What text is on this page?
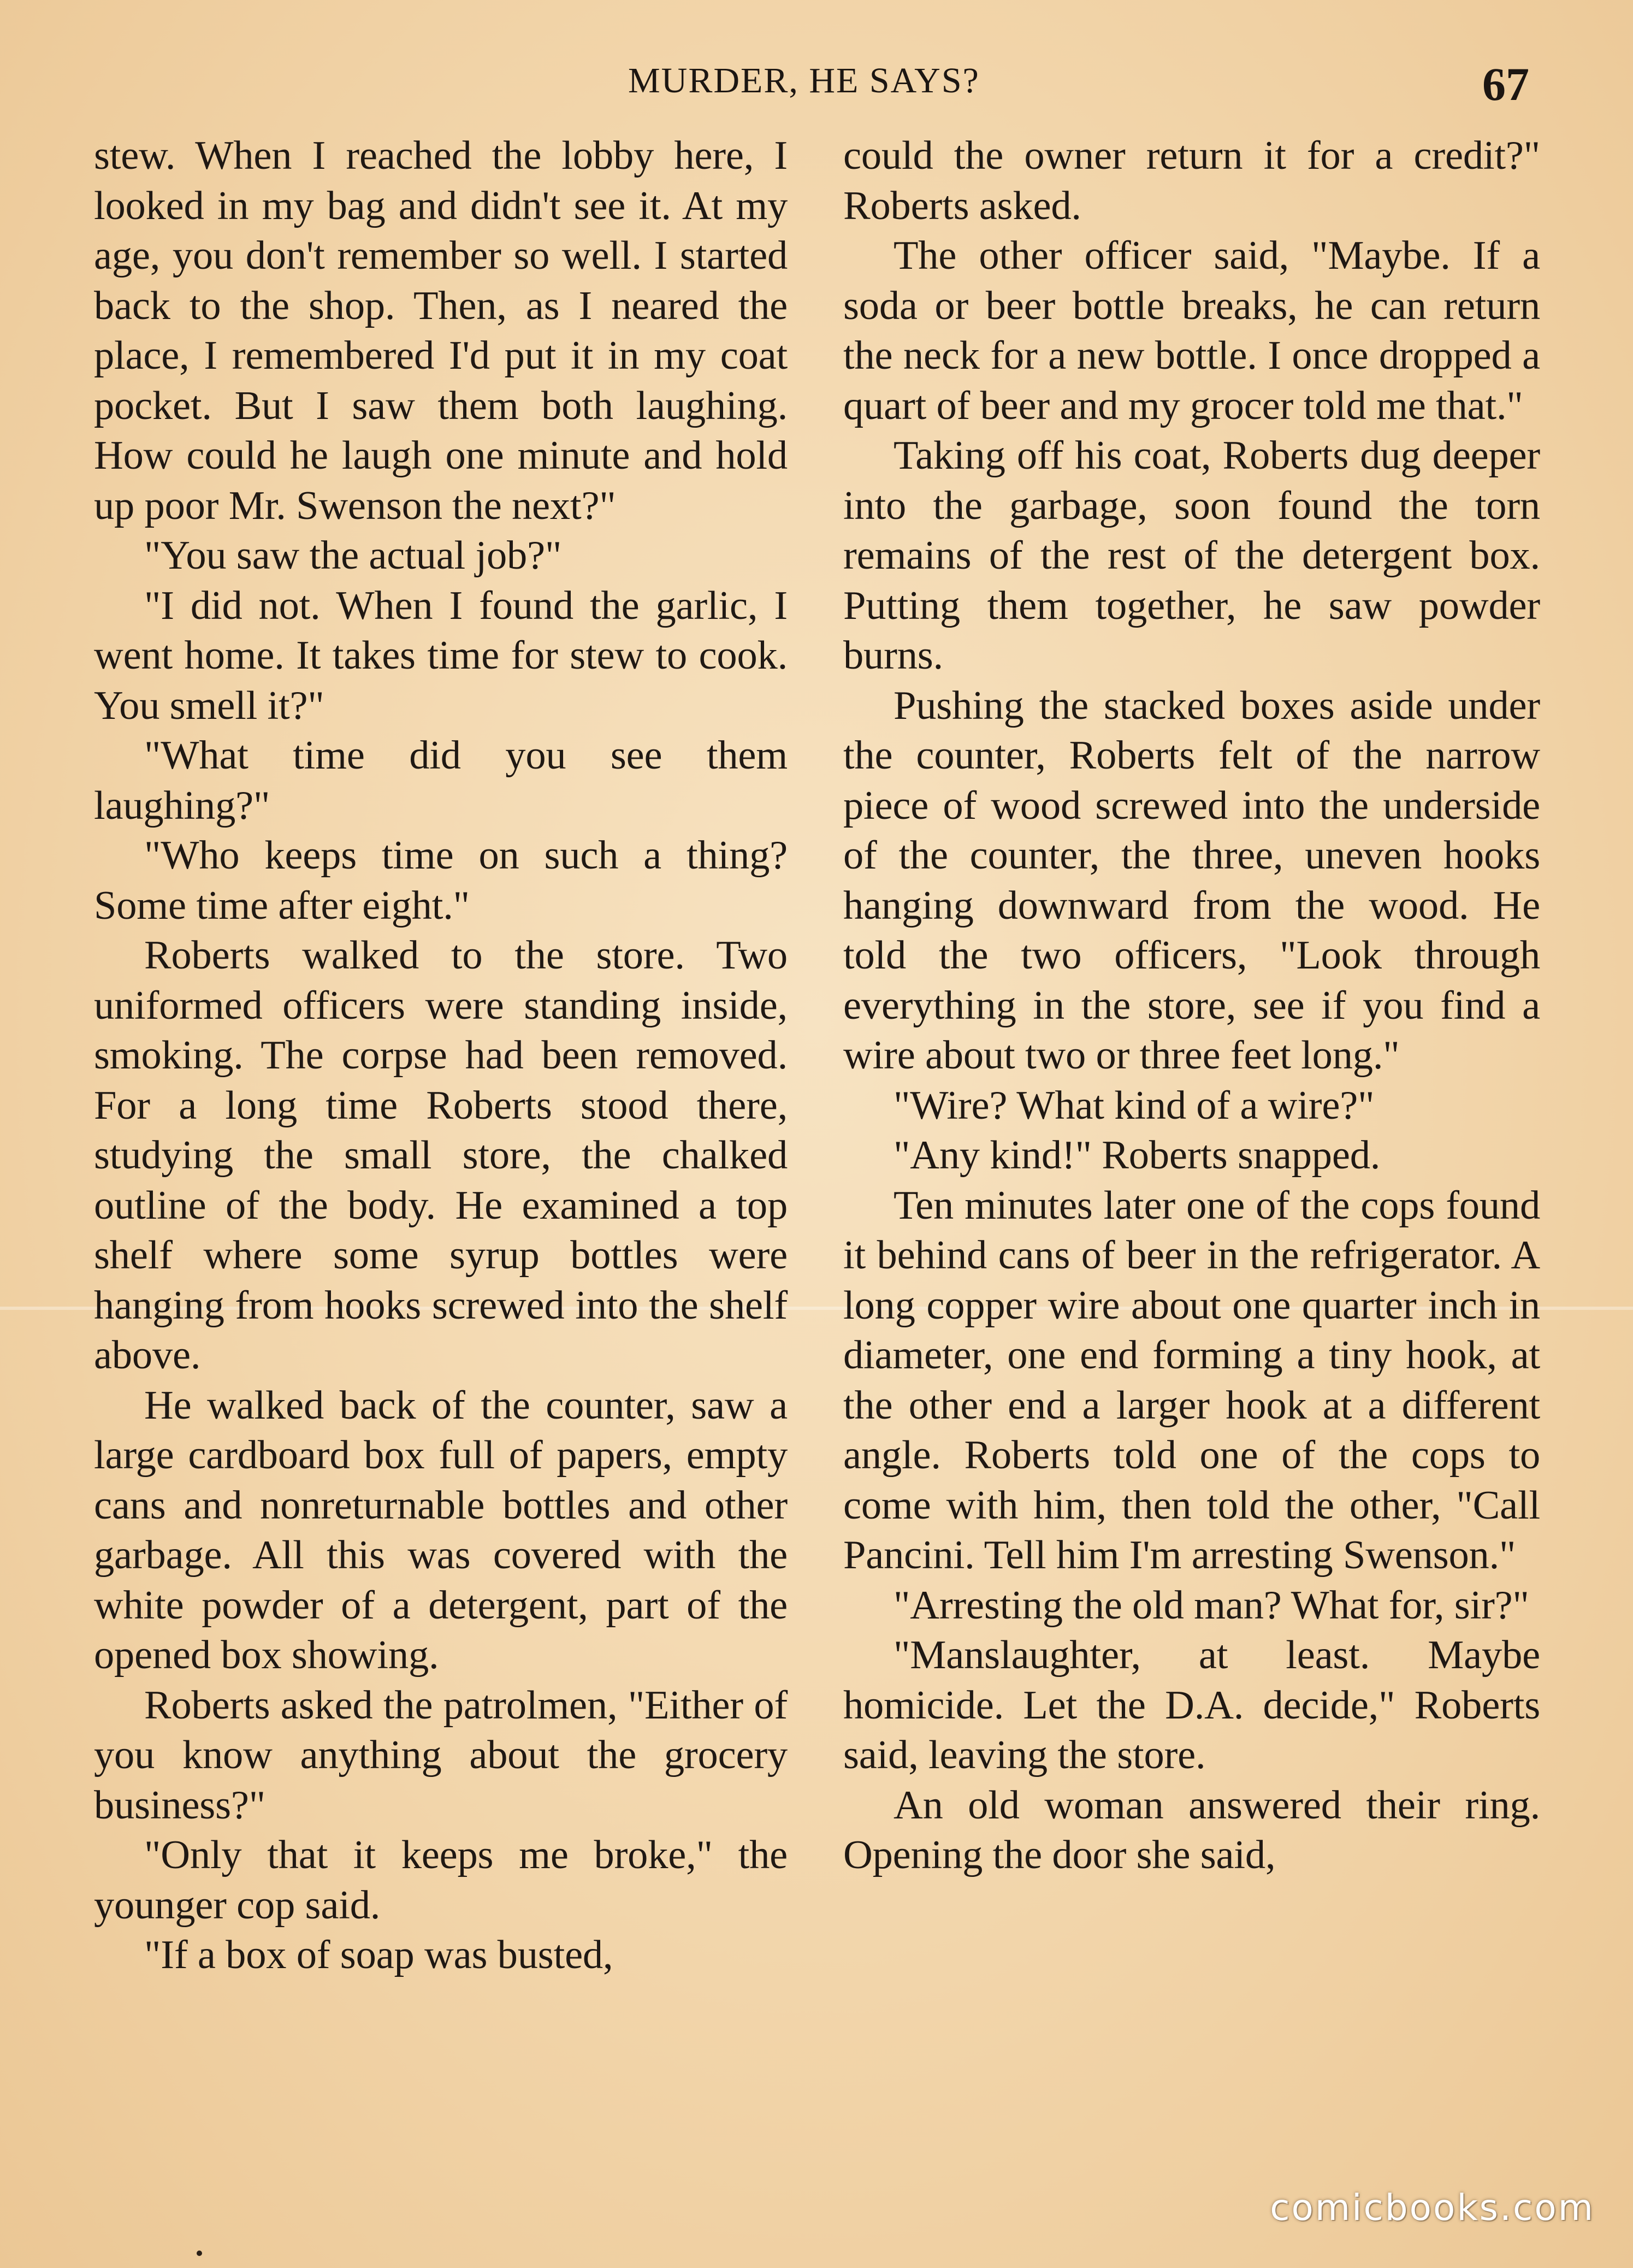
MURDER, HE SAYS?	67

stew. When I reached the lobby here, I looked in my bag and didn't see it. At my age, you don't remember so well. I started back to the shop. Then, as I neared the place, I remembered I'd put it in my coat pocket. But I saw them both laughing. How could he laugh one minute and hold up poor Mr. Swenson the next?"

"You saw the actual job?"

"I did not. When I found the garlic, I went home. It takes time for stew to cook. You smell it?"

"What time did you see them laughing?"

"Who keeps time on such a thing? Some time after eight."

Roberts walked to the store. Two uniformed officers were standing inside, smoking. The corpse had been removed. For a long time Roberts stood there, studying the small store, the chalked outline of the body. He examined a top shelf where some syrup bottles were hanging from hooks screwed into the shelf above.

He walked back of the counter, saw a large cardboard box full of papers, empty cans and nonreturnable bottles and other garbage. All this was covered with the white powder of a detergent, part of the opened box showing.

Roberts asked the patrolmen, "Either of you know anything about the grocery business?"

"Only that it keeps me broke," the younger cop said.

"If a box of soap was busted,

could the owner return it for a credit?" Roberts asked.

The other officer said, "Maybe. If a soda or beer bottle breaks, he can return the neck for a new bottle. I once dropped a quart of beer and my grocer told me that."

Taking off his coat, Roberts dug deeper into the garbage, soon found the torn remains of the rest of the detergent box. Putting them together, he saw powder burns.

Pushing the stacked boxes aside under the counter, Roberts felt of the narrow piece of wood screwed into the underside of the counter, the three, uneven hooks hanging downward from the wood. He told the two officers, "Look through everything in the store, see if you find a wire about two or three feet long."

"Wire? What kind of a wire?"

"Any kind!" Roberts snapped.

Ten minutes later one of the cops found it behind cans of beer in the refrigerator. A long copper wire about one quarter inch in diameter, one end forming a tiny hook, at the other end a larger hook at a different angle. Roberts told one of the cops to come with him, then told the other, "Call Pancini. Tell him I'm arresting Swenson."

"Arresting the old man? What for, sir?"

"Manslaughter, at least. Maybe homicide. Let the D.A. decide," Roberts said, leaving the store.

An old woman answered their ring. Opening the door she said,

comicbooks.com
